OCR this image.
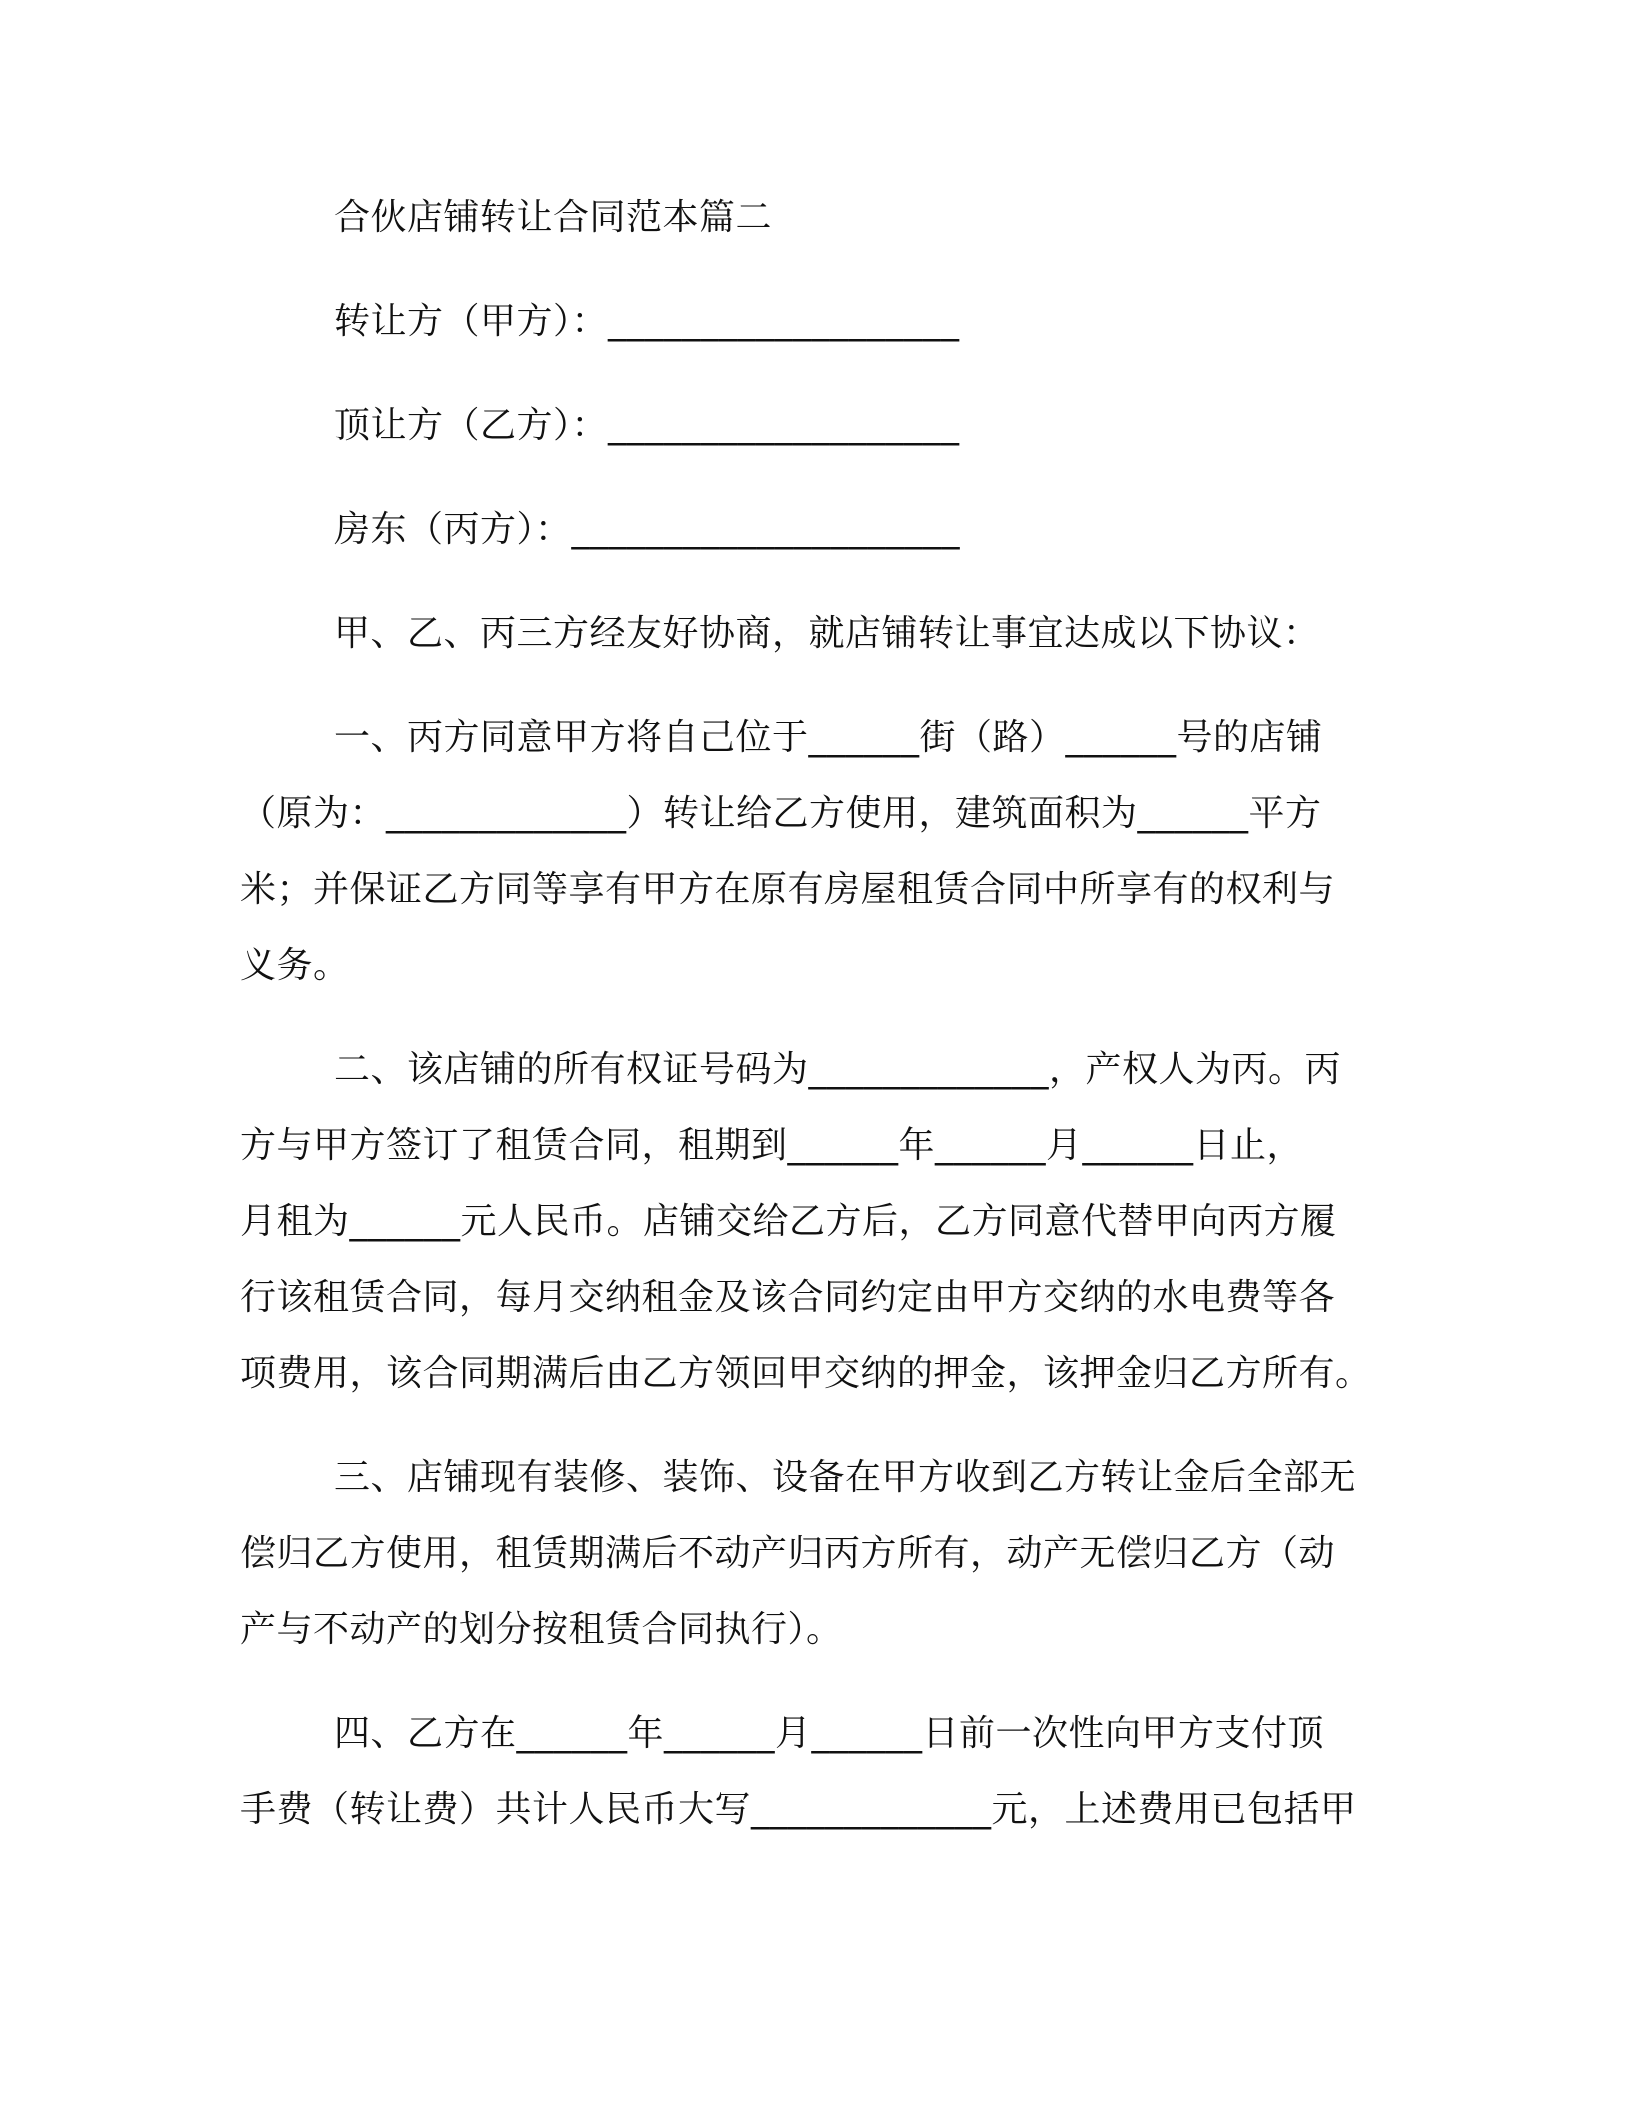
合伙店铺转让合同范本篇二
转让方（甲方）：___________________
顶让方（乙方）：___________________
房东（丙方）：_____________________
甲、乙、丙三方经友好协商，就店铺转让事宜达成以下协议：
一、丙方同意甲方将自己位于______街（路）______号的店铺
（原为：_____________）转让给乙方使用，建筑面积为______平方
米；并保证乙方同等享有甲方在原有房屋租赁合同中所享有的权利与
义务。
二、该店铺的所有权证号码为_____________，产权人为丙。丙
方与甲方签订了租赁合同，租期到______年______月______日止，
月租为______元人民币。店铺交给乙方后，乙方同意代替甲向丙方履
行该租赁合同，每月交纳租金及该合同约定由甲方交纳的水电费等各
项费用，该合同期满后由乙方领回甲交纳的押金，该押金归乙方所有。
三、店铺现有装修、装饰、设备在甲方收到乙方转让金后全部无
偿归乙方使用，租赁期满后不动产归丙方所有，动产无偿归乙方（动
产与不动产的划分按租赁合同执行）。
四、乙方在______年______月______日前一次性向甲方支付顶
手费（转让费）共计人民币大写_____________元，上述费用已包括甲
